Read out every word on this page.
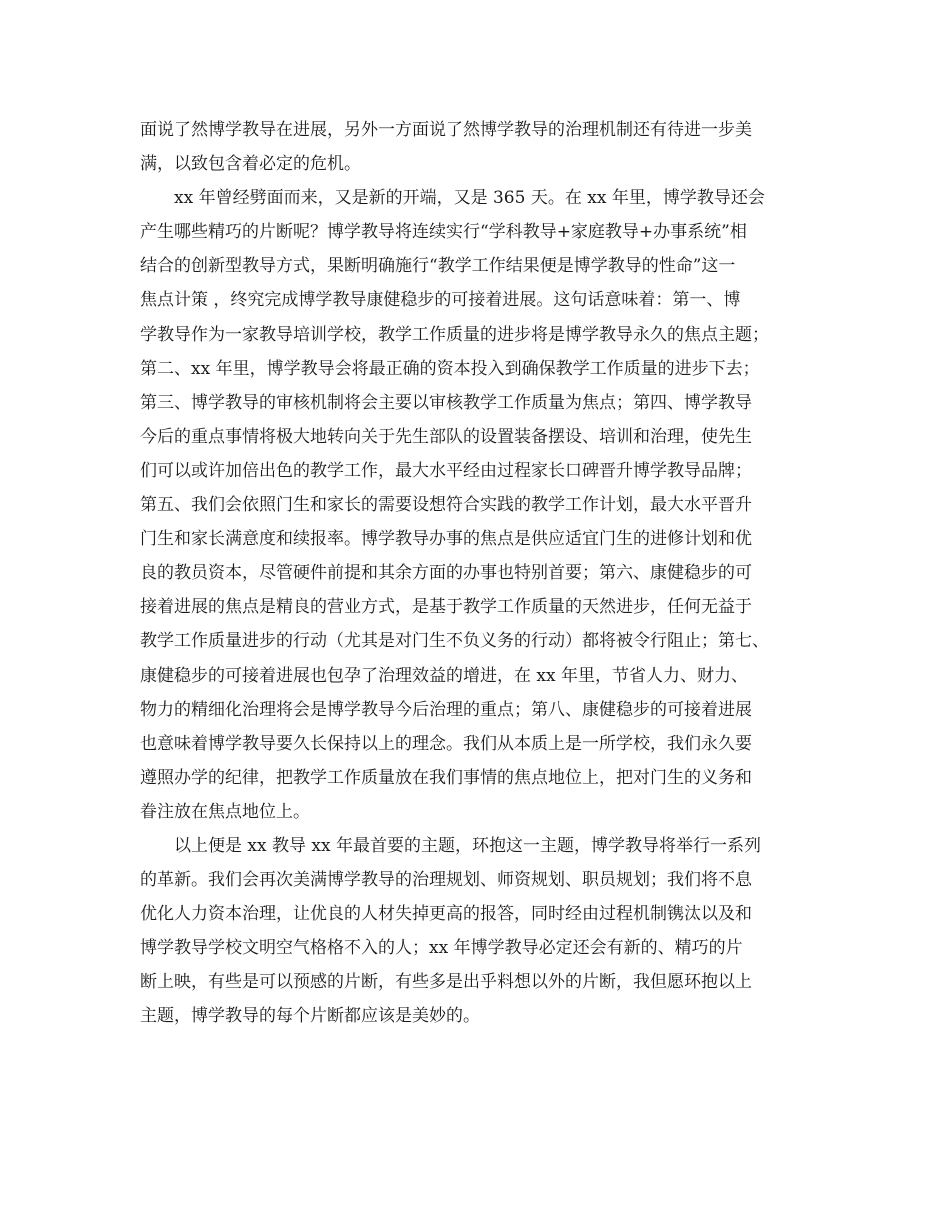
面说了然博学教导在进展，另外一方面说了然博学教导的治理机制还有待进一步美
满，以致包含着必定的危机。
xx 年曾经劈面而来，又是新的开端，又是 365 天。在 xx 年里，博学教导还会
产生哪些精巧的片断呢？博学教导将连续实行“学科教导+家庭教导+办事系统”相
结合的创新型教导方式，果断明确施行“教学工作结果便是博学教导的性命”这一
焦点计策 ，终究完成博学教导康健稳步的可接着进展。这句话意味着：第一、博
学教导作为一家教导培训学校，教学工作质量的进步将是博学教导永久的焦点主题；
第二、xx 年里，博学教导会将最正确的资本投入到确保教学工作质量的进步下去；
第三、博学教导的审核机制将会主要以审核教学工作质量为焦点；第四、博学教导
今后的重点事情将极大地转向关于先生部队的设置装备摆设、培训和治理，使先生
们可以或许加倍出色的教学工作，最大水平经由过程家长口碑晋升博学教导品牌；
第五、我们会依照门生和家长的需要设想符合实践的教学工作计划，最大水平晋升
门生和家长满意度和续报率。博学教导办事的焦点是供应适宜门生的进修计划和优
良的教员资本，尽管硬件前提和其余方面的办事也特别首要；第六、康健稳步的可
接着进展的焦点是精良的营业方式，是基于教学工作质量的天然进步，任何无益于
教学工作质量进步的行动（尤其是对门生不负义务的行动）都将被令行阻止；第七、
康健稳步的可接着进展也包孕了治理效益的增进，在 xx 年里，节省人力、财力、
物力的精细化治理将会是博学教导今后治理的重点；第八、康健稳步的可接着进展
也意味着博学教导要久长保持以上的理念。我们从本质上是一所学校，我们永久要
遵照办学的纪律，把教学工作质量放在我们事情的焦点地位上，把对门生的义务和
眷注放在焦点地位上。
以上便是 xx 教导 xx 年最首要的主题，环抱这一主题，博学教导将举行一系列
的革新。我们会再次美满博学教导的治理规划、师资规划、职员规划；我们将不息
优化人力资本治理，让优良的人材失掉更高的报答，同时经由过程机制镌汰以及和
博学教导学校文明空气格格不入的人；xx 年博学教导必定还会有新的、精巧的片
断上映，有些是可以预感的片断，有些多是出乎料想以外的片断，我但愿环抱以上
主题，博学教导的每个片断都应该是美妙的。
